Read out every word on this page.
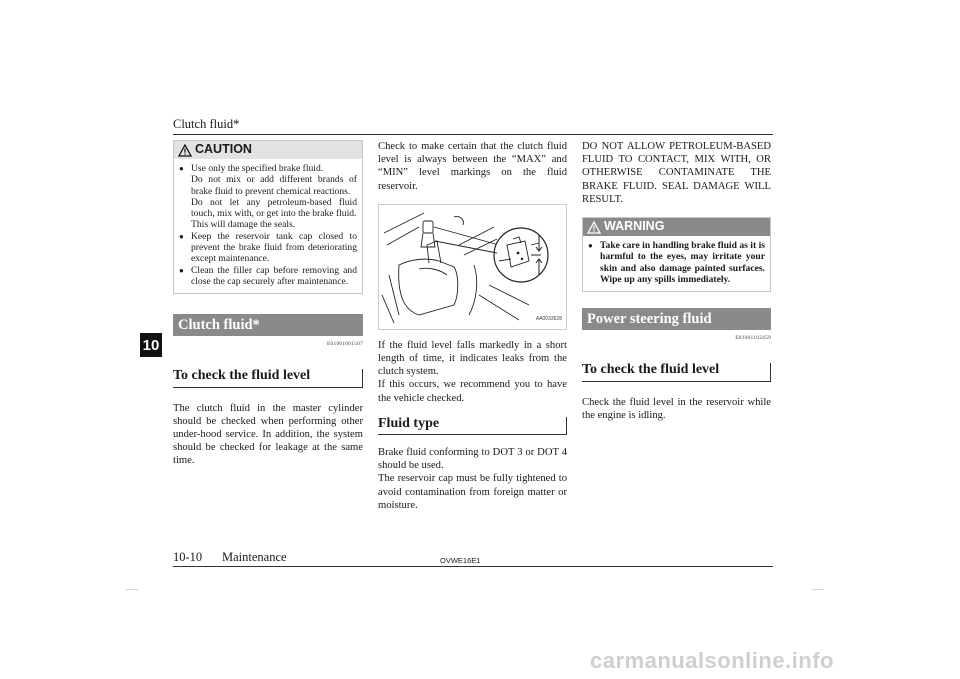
Clutch fluid*
10
CAUTION
● Use only the specified brake fluid.
Do not mix or add different brands of brake fluid to prevent chemical reactions.
Do not let any petroleum-based fluid touch, mix with, or get into the brake fluid.
This will damage the seals.
● Keep the reservoir tank cap closed to prevent the brake fluid from deteriorating except maintenance.
● Clean the filler cap before removing and close the cap securely after maintenance.
Clutch fluid*
E01001001507
To check the fluid level

The clutch fluid in the master cylinder should be checked when performing other under-hood service. In addition, the system should be checked for leakage at the same time.

Check to make certain that the clutch fluid level is always between the “MAX” and “MIN” level markings on the fluid reservoir.

AA0033528

If the fluid level falls markedly in a short length of time, it indicates leaks from the clutch system.

If this occurs, we recommend you to have the vehicle checked.

Fluid type

Brake fluid conforming to DOT 3 or DOT 4 should be used.

The reservoir cap must be fully tightened to avoid contamination from foreign matter or moisture.

DO NOT ALLOW PETROLEUM-BASED FLUID TO CONTACT, MIX WITH, OR OTHERWISE CONTAMINATE THE BRAKE FLUID. SEAL DAMAGE WILL RESULT.

WARNING
● Take care in handling brake fluid as it is harmful to the eyes, may irritate your skin and also damage painted surfaces. Wipe up any spills immediately.
Power steering fluid
E01001102459
To check the fluid level

Check the fluid level in the reservoir while the engine is idling.

10-10 Maintenance	OVWE16E1
carmanualsonline.info
